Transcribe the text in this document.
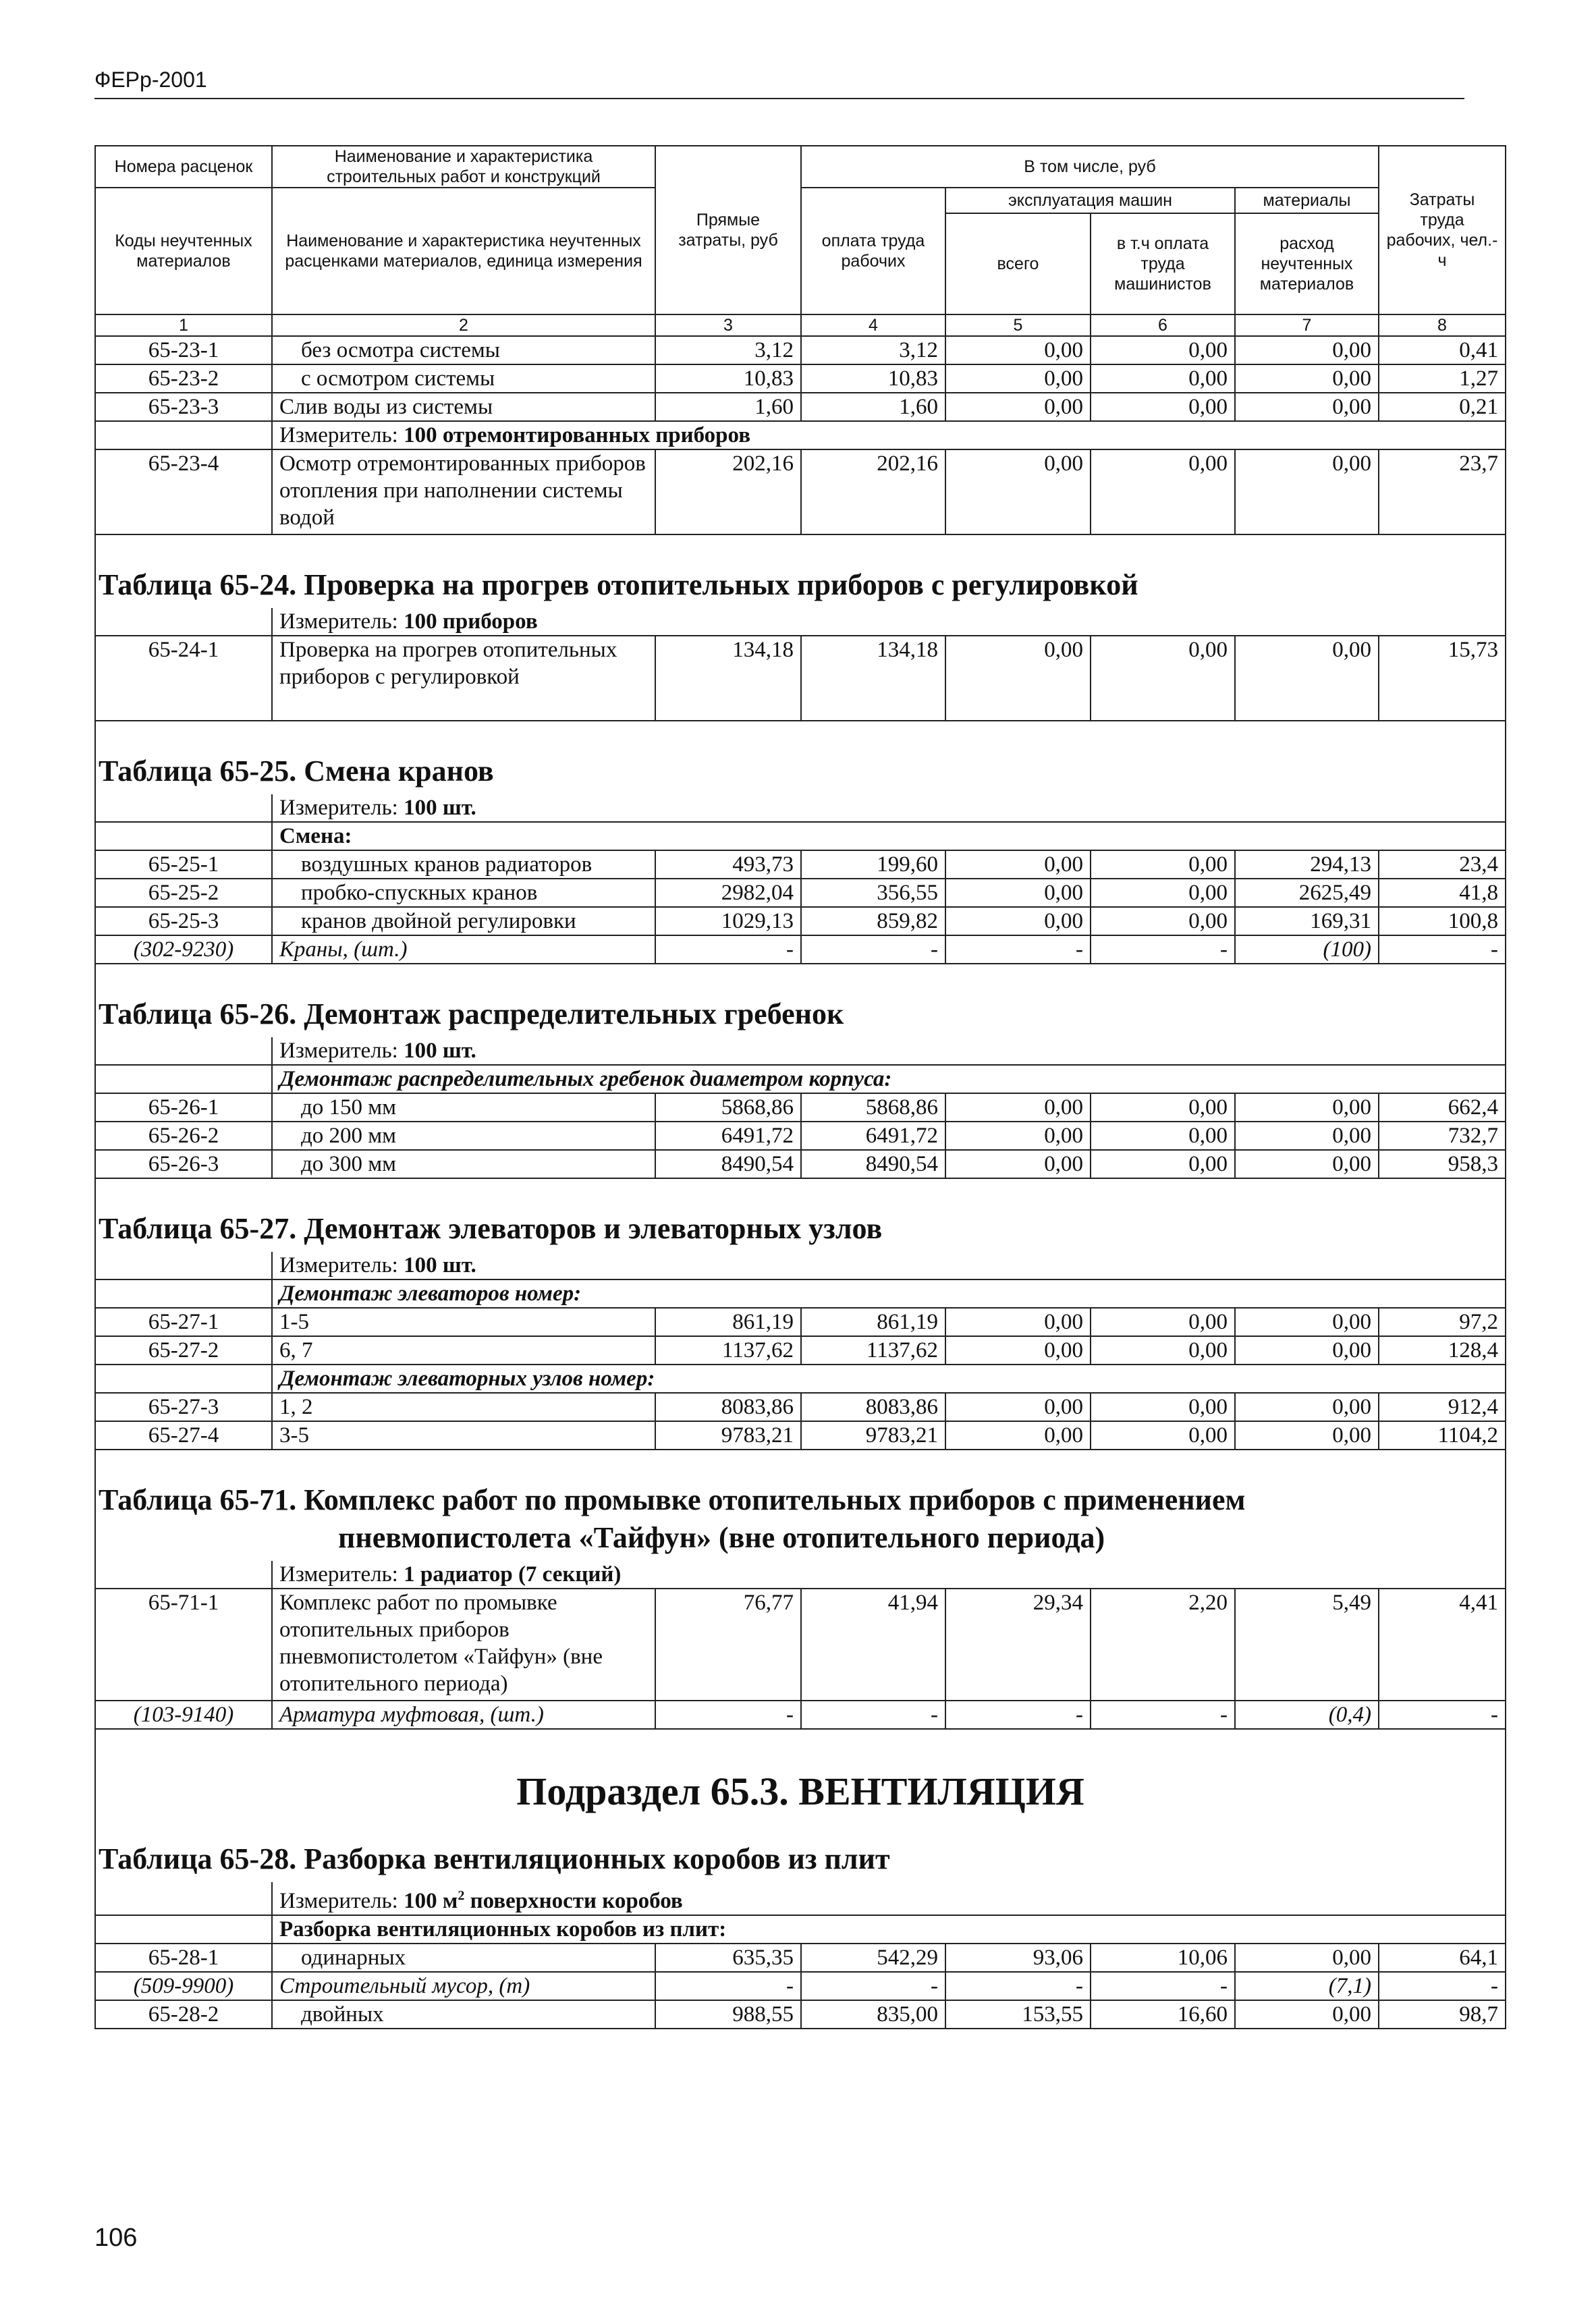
ФЕРр-2001
Номера расценок	Наименование и характеристика строительных работ и конструкций	Прямые затраты, руб	В том числе, руб				Затраты труда рабочих, чел.-ч
Коды неучтенных материалов	Наименование и характеристика неучтенных расценками материалов, единица измерения		оплата труда рабочих	эксплуатация машин		материалы	
				всего	в т.ч оплата труда машинистов	расход неучтенных материалов	
1	2	3	4	5	6	7	8
65-23-1	без осмотра системы	3,12	3,12	0,00	0,00	0,00	0,41
65-23-2	с осмотром системы	10,83	10,83	0,00	0,00	0,00	1,27
65-23-3	Слив воды из системы	1,60	1,60	0,00	0,00	0,00	0,21
	Измеритель: 100 отремонтированных приборов						
65-23-4	Осмотр отремонтированных приборов отопления при наполнении системы водой	202,16	202,16	0,00	0,00	0,00	23,7
Таблица 65-24. Проверка на прогрев отопительных приборов с регулировкой							
	Измеритель: 100 приборов						
65-24-1	Проверка на прогрев отопительных приборов с регулировкой	134,18	134,18	0,00	0,00	0,00	15,73
Таблица 65-25. Смена кранов							
	Измеритель: 100 шт.						
	Смена:						
65-25-1	воздушных кранов радиаторов	493,73	199,60	0,00	0,00	294,13	23,4
65-25-2	пробко-спускных кранов	2982,04	356,55	0,00	0,00	2625,49	41,8
65-25-3	кранов двойной регулировки	1029,13	859,82	0,00	0,00	169,31	100,8
(302-9230)	Краны, (шт.)	-	-	-	-	(100)	-
Таблица 65-26. Демонтаж распределительных гребенок							
	Измеритель: 100 шт.						
	Демонтаж распределительных гребенок диаметром корпуса:						
65-26-1	до 150 мм	5868,86	5868,86	0,00	0,00	0,00	662,4
65-26-2	до 200 мм	6491,72	6491,72	0,00	0,00	0,00	732,7
65-26-3	до 300 мм	8490,54	8490,54	0,00	0,00	0,00	958,3
Таблица 65-27. Демонтаж элеваторов и элеваторных узлов							
	Измеритель: 100 шт.						
	Демонтаж элеваторов номер:						
65-27-1	1-5	861,19	861,19	0,00	0,00	0,00	97,2
65-27-2	6, 7	1137,62	1137,62	0,00	0,00	0,00	128,4
	Демонтаж элеваторных узлов номер:						
65-27-3	1, 2	8083,86	8083,86	0,00	0,00	0,00	912,4
65-27-4	3-5	9783,21	9783,21	0,00	0,00	0,00	1104,2
Таблица 65-71. Комплекс работ по промывке отопительных приборов с применением
пневмопистолета «Тайфун» (вне отопительного периода)							

	Измеритель: 1 радиатор (7 секций)						
65-71-1	Комплекс работ по промывке отопительных приборов пневмопистолетом «Тайфун» (вне отопительного периода)	76,77	41,94	29,34	2,20	5,49	4,41
(103-9140)	Арматура муфтовая, (шт.)	-	-	-	-	(0,4)	-
Подраздел 65.3. ВЕНТИЛЯЦИЯ							
Таблица 65-28. Разборка вентиляционных коробов из плит							
	Измеритель: 100 $м^2$ поверхности коробов						
	Разборка вентиляционных коробов из плит:						
65-28-1	одинарных	635,35	542,29	93,06	10,06	0,00	64,1
(509-9900)	Строительный мусор, (т)	-	-	-	-	(7,1)	-
65-28-2	двойных	988,55	835,00	153,55	16,60	0,00	98,7
106
